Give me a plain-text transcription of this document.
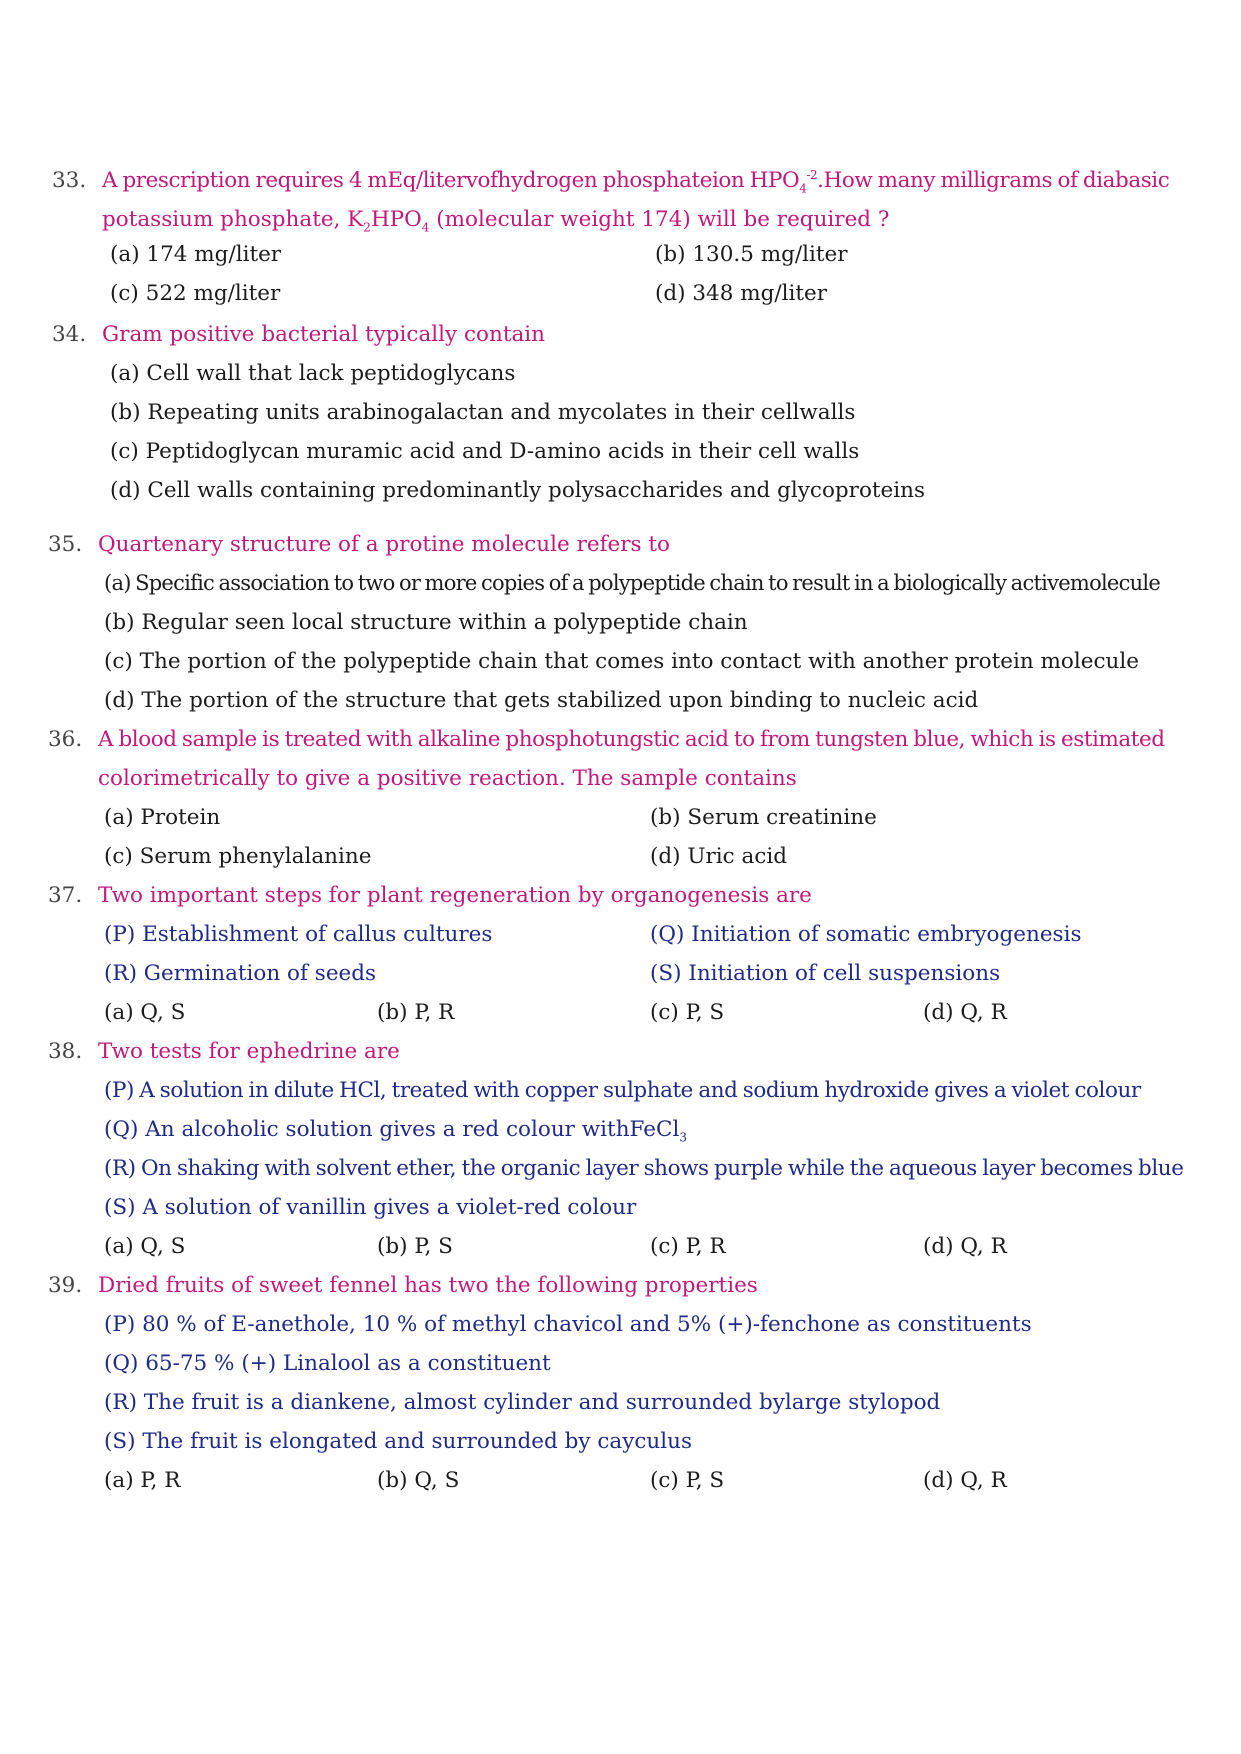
33. A prescription requires 4 mEq/litervofhydrogen phosphateion $HPO_4^{-2}.How$ many milligrams of diabasic
potassium phosphate, $K_2HPO_4$ (molecular weight 174) will be required ?
(a) 174 mg/liter	(b) 130.5 mg/liter
(c) 522 mg/liter	(d) 348 mg/liter
34. Gram positive bacterial typically contain
(a) Cell wall that lack peptidoglycans
(b) Repeating units arabinogalactan and mycolates in their cellwalls
(c) Peptidoglycan muramic acid and D-amino acids in their cell walls
(d) Cell walls containing predominantly polysaccharides and glycoproteins
35. Quartenary structure of a protine molecule refers to
(a) Specific association to two or more copies of a polypeptide chain to result in a biologically activemolecule
(b) Regular seen local structure within a polypeptide chain
(c) The portion of the polypeptide chain that comes into contact with another protein molecule
(d) The portion of the structure that gets stabilized upon binding to nucleic acid
36. A blood sample is treated with alkaline phosphotungstic acid to from tungsten blue, which is estimated
colorimetrically to give a positive reaction. The sample contains
(a) Protein	(b) Serum creatinine
(c) Serum phenylalanine	(d) Uric acid
37. Two important steps for plant regeneration by organogenesis are
(P) Establishment of callus cultures	(Q) Initiation of somatic embryogenesis
(R) Germination of seeds	(S) Initiation of cell suspensions
(a) Q, S	(b) P, R	(c) P, S	(d) Q, R
38. Two tests for ephedrine are
(P) A solution in dilute HCl, treated with copper sulphate and sodium hydroxide gives a violet colour
(Q) An alcoholic solution gives a red colour withFeCl$_3$
(R) On shaking with solvent ether, the organic layer shows purple while the aqueous layer becomes blue
(S) A solution of vanillin gives a violet-red colour
(a) Q, S	(b) P, S	(c) P, R	(d) Q, R
39. Dried fruits of sweet fennel has two the following properties
(P) 80 % of E-anethole, 10 % of methyl chavicol and 5% (+)-fenchone as constituents
(Q) 65-75 % (+) Linalool as a constituent
(R) The fruit is a diankene, almost cylinder and surrounded bylarge stylopod
(S) The fruit is elongated and surrounded by cayculus
(a) P, R	(b) Q, S	(c) P, S	(d) Q, R
